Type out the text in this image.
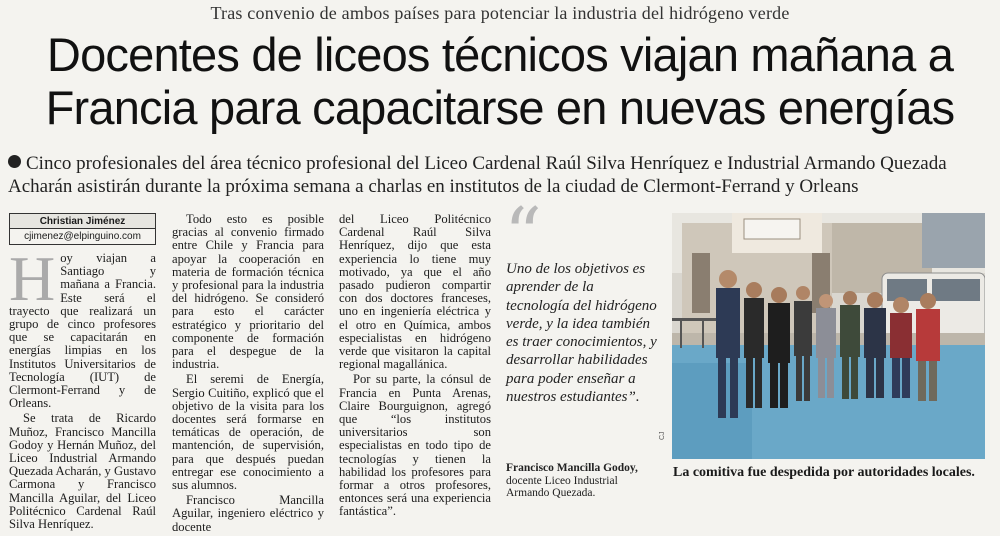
Tras convenio de ambos países para potenciar la industria del hidrógeno verde
Docentes de liceos técnicos viajan mañana a Francia para capacitarse en nuevas energías
Cinco profesionales del área técnico profesional del Liceo Cardenal Raúl Silva Henríquez e Industrial Armando Quezada Acharán asistirán durante la próxima semana a charlas en institutos de la ciudad de Clermont-Ferrand y Orleans
Christian Jiménez
cjimenez@elpinguino.com

Hoy viajan a Santiago y mañana a Francia. Este será el trayecto que realizará un grupo de cinco profesores que se capacitarán en energías limpias en los Institutos Universitarios de Tecnología (IUT) de Clermont-Ferrand y de Orleans.

Se trata de Ricardo Muñoz, Francisco Mancilla Godoy y Hernán Muñoz, del Liceo Industrial Armando Quezada Acharán, y Gustavo Carmona y Francisco Mancilla Aguilar, del Liceo Politécnico Cardenal Raúl Silva Henríquez.

Todo esto es posible gracias al convenio firmado entre Chile y Francia para apoyar la cooperación en materia de formación técnica y profesional para la industria del hidrógeno. Se consideró para esto el carácter estratégico y prioritario del componente de formación para el despegue de la industria.

El seremi de Energía, Sergio Cuitiño, explicó que el objetivo de la visita para los docentes será formarse en temáticas de operación, de mantención, de supervisión, para que después puedan entregar ese conocimiento a sus alumnos.

Francisco Mancilla Aguilar, ingeniero eléctrico y docente

del Liceo Politécnico Cardenal Raúl Silva Henríquez, dijo que esta experiencia lo tiene muy motivado, ya que el año pasado pudieron compartir con dos doctores franceses, uno en ingeniería eléctrica y el otro en Química, ambos especialistas en hidrógeno verde que visitaron la capital regional magallánica.

Por su parte, la cónsul de Francia en Punta Arenas, Claire Bourguignon, agregó que “los institutos universitarios son especialistas en todo tipo de tecnologías y tienen la habilidad los profesores para formar a otros profesores, entonces será una experiencia fantástica”.

“
Uno de los objetivos es aprender de la tecnología del hidrógeno verde, y la idea también es traer conocimientos, y desarrollar habilidades para poder enseñar a nuestros estudiantes”.
Francisco Mancilla Godoy,
docente Liceo Industrial Armando Quezada.
CJ
La comitiva fue despedida por autoridades locales.
